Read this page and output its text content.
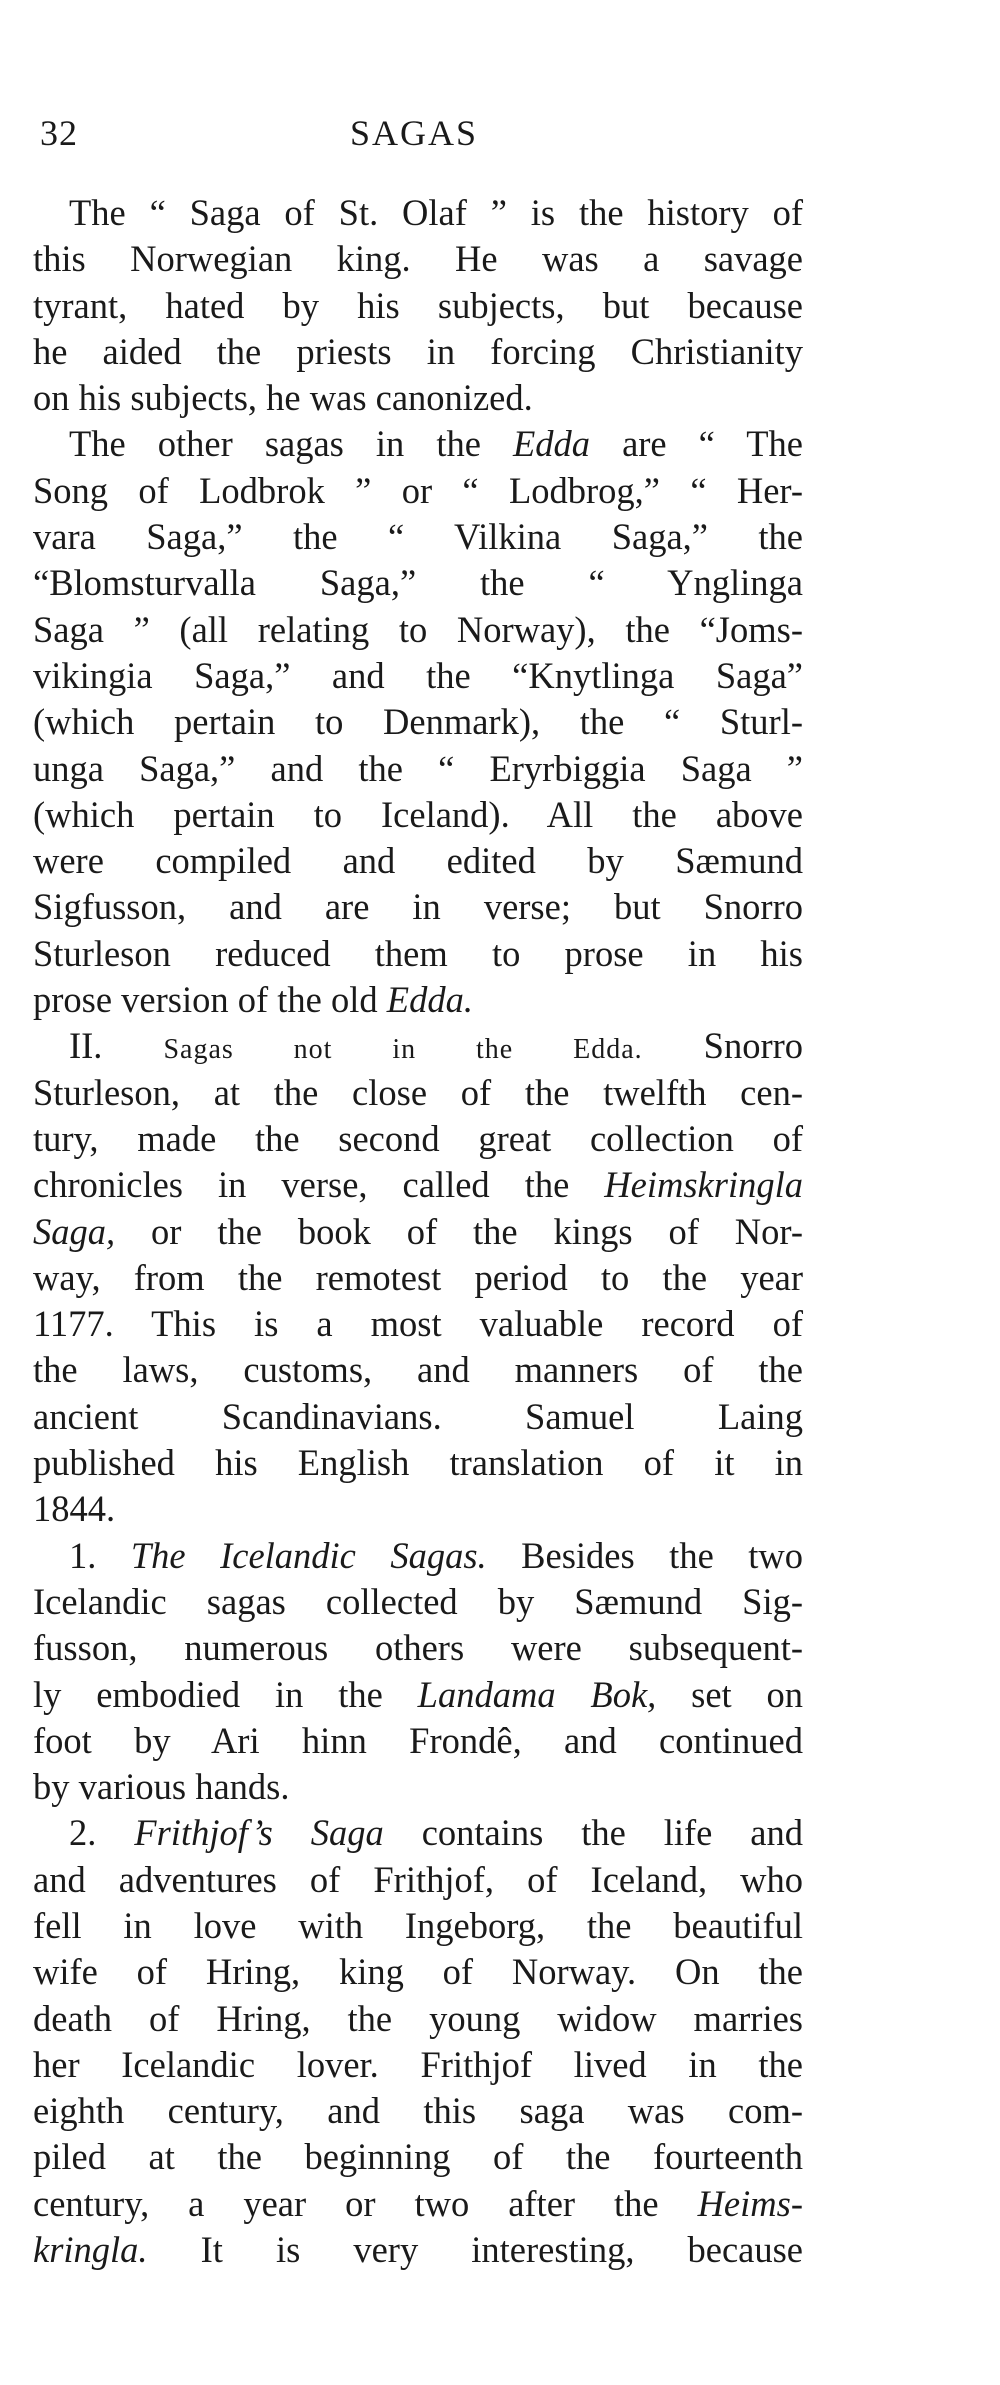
32	SAGAS
The “ Saga of St. Olaf ” is the history of
this Norwegian king. He was a savage
tyrant, hated by his subjects, but because
he aided the priests in forcing Christianity
on his subjects, he was canonized.
The other sagas in the Edda are “ The
Song of Lodbrok ” or “ Lodbrog,” “ Her-
vara Saga,” the “ Vilkina Saga,” the
“Blomsturvalla Saga,” the “ Ynglinga
Saga ” (all relating to Norway), the “Joms-
vikingia Saga,” and the “Knytlinga Saga”
(which pertain to Denmark), the “ Sturl-
unga Saga,” and the “ Eryrbiggia Saga ”
(which pertain to Iceland). All the above
were compiled and edited by Sæmund
Sigfusson, and are in verse; but Snorro
Sturleson reduced them to prose in his
prose version of the old Edda.
II. Sagas not in the Edda. Snorro
Sturleson, at the close of the twelfth cen-
tury, made the second great collection of
chronicles in verse, called the Heimskringla
Saga, or the book of the kings of Nor-
way, from the remotest period to the year
1177. This is a most valuable record of
the laws, customs, and manners of the
ancient Scandinavians. Samuel Laing
published his English translation of it in
1844.
1. The Icelandic Sagas. Besides the two
Icelandic sagas collected by Sæmund Sig-
fusson, numerous others were subsequent-
ly embodied in the Landama Bok, set on
foot by Ari hinn Frondê, and continued
by various hands.
2. Frithjof’s Saga contains the life and
and adventures of Frithjof, of Iceland, who
fell in love with Ingeborg, the beautiful
wife of Hring, king of Norway. On the
death of Hring, the young widow marries
her Icelandic lover. Frithjof lived in the
eighth century, and this saga was com-
piled at the beginning of the fourteenth
century, a year or two after the Heims-
kringla. It is very interesting, because
